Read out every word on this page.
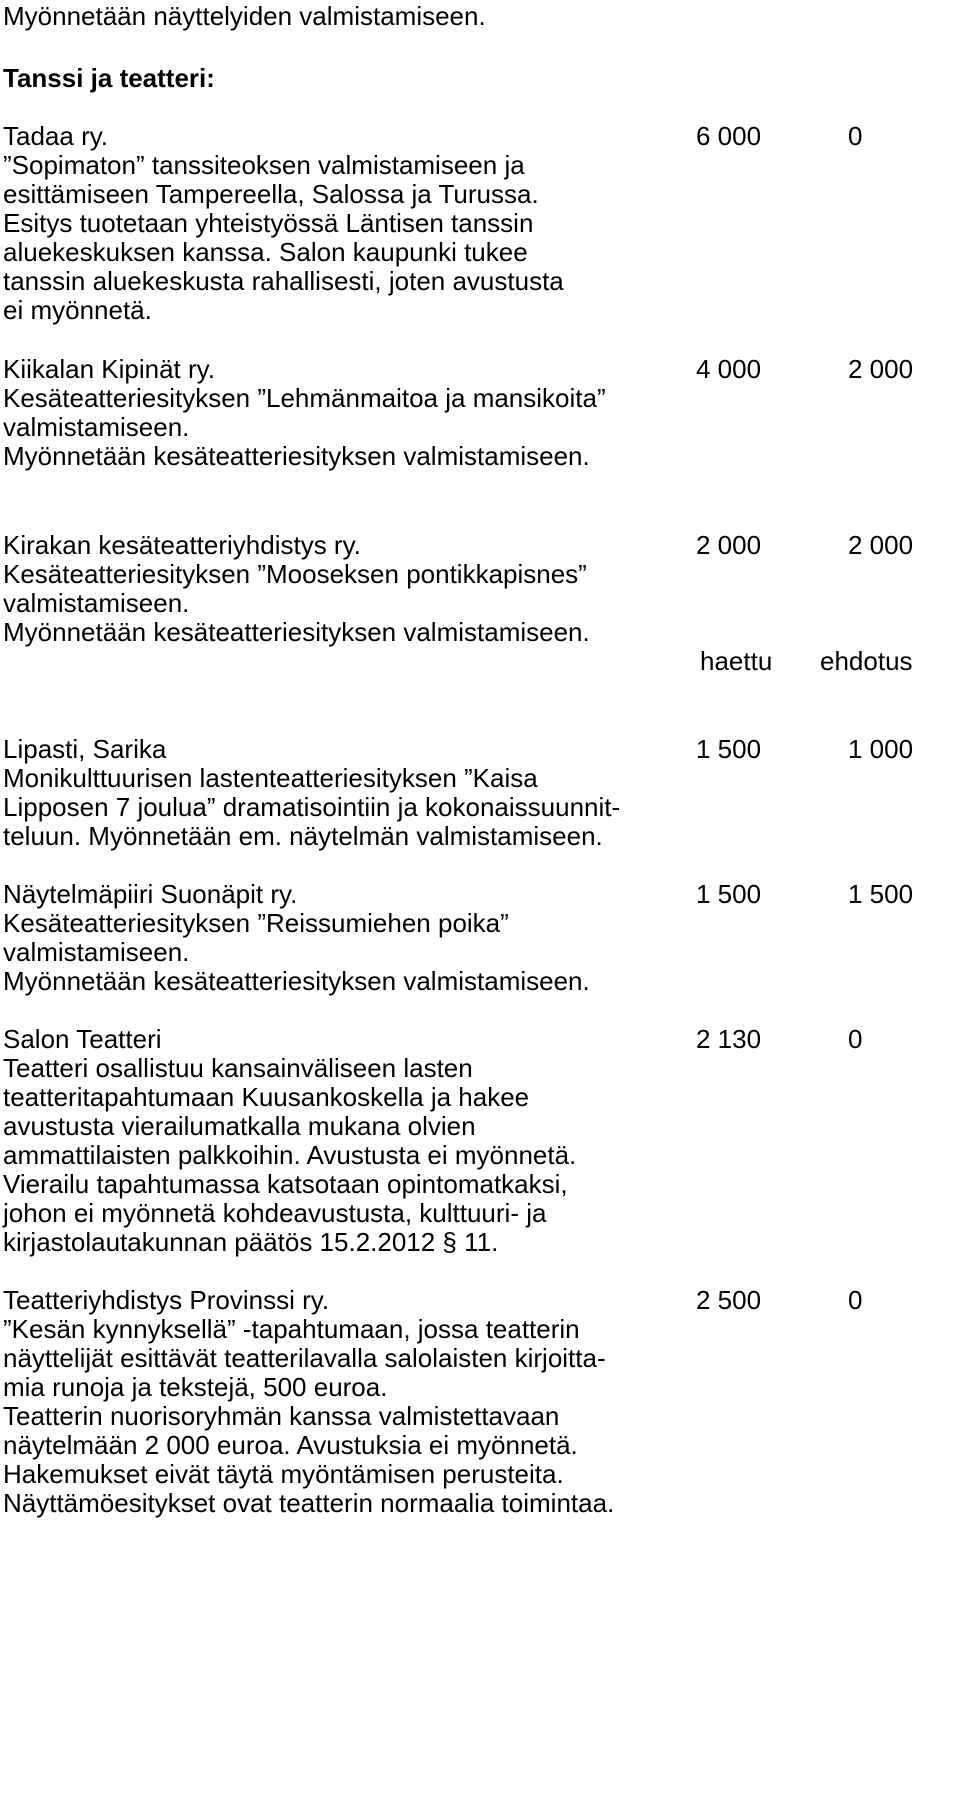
Myönnetään näyttelyiden valmistamiseen.
Tanssi ja teatteri:
Tadaa ry.	6 000	0
”Sopimaton” tanssiteoksen valmistamiseen ja
esittämiseen Tampereella, Salossa ja Turussa.
Esitys tuotetaan yhteistyössä Läntisen tanssin
aluekeskuksen kanssa. Salon kaupunki tukee
tanssin aluekeskusta rahallisesti, joten avustusta
ei myönnetä.
Kiikalan Kipinät ry.	4 000	2 000
Kesäteatteriesityksen ”Lehmänmaitoa ja mansikoita”
valmistamiseen.
Myönnetään kesäteatteriesityksen valmistamiseen.
Kirakan kesäteatteriyhdistys ry.	2 000	2 000
Kesäteatteriesityksen ”Mooseksen pontikkapisnes”
valmistamiseen.
Myönnetään kesäteatteriesityksen valmistamiseen.
haettu ehdotus
Lipasti, Sarika	1 500	1 000
Monikulttuurisen lastenteatteriesityksen ”Kaisa
Lipposen 7 joulua” dramatisointiin ja kokonaissuunnit-
teluun. Myönnetään em. näytelmän valmistamiseen.
Näytelmäpiiri Suonäpit ry.	1 500	1 500
Kesäteatteriesityksen ”Reissumiehen poika”
valmistamiseen.
Myönnetään kesäteatteriesityksen valmistamiseen.
Salon Teatteri	2 130	0
Teatteri osallistuu kansainväliseen lasten
teatteritapahtumaan Kuusankoskella ja hakee
avustusta vierailumatkalla mukana olvien
ammattilaisten palkkoihin. Avustusta ei myönnetä.
Vierailu tapahtumassa katsotaan opintomatkaksi,
johon ei myönnetä kohdeavustusta, kulttuuri- ja
kirjastolautakunnan päätös 15.2.2012 § 11.
Teatteriyhdistys Provinssi ry.	2 500	0
”Kesän kynnyksellä” -tapahtumaan, jossa teatterin
näyttelijät esittävät teatterilavalla salolaisten kirjoitta-
mia runoja ja tekstejä, 500 euroa.
Teatterin nuorisoryhmän kanssa valmistettavaan
näytelmään 2 000 euroa. Avustuksia ei myönnetä.
Hakemukset eivät täytä myöntämisen perusteita.
Näyttämöesitykset ovat teatterin normaalia toimintaa.
